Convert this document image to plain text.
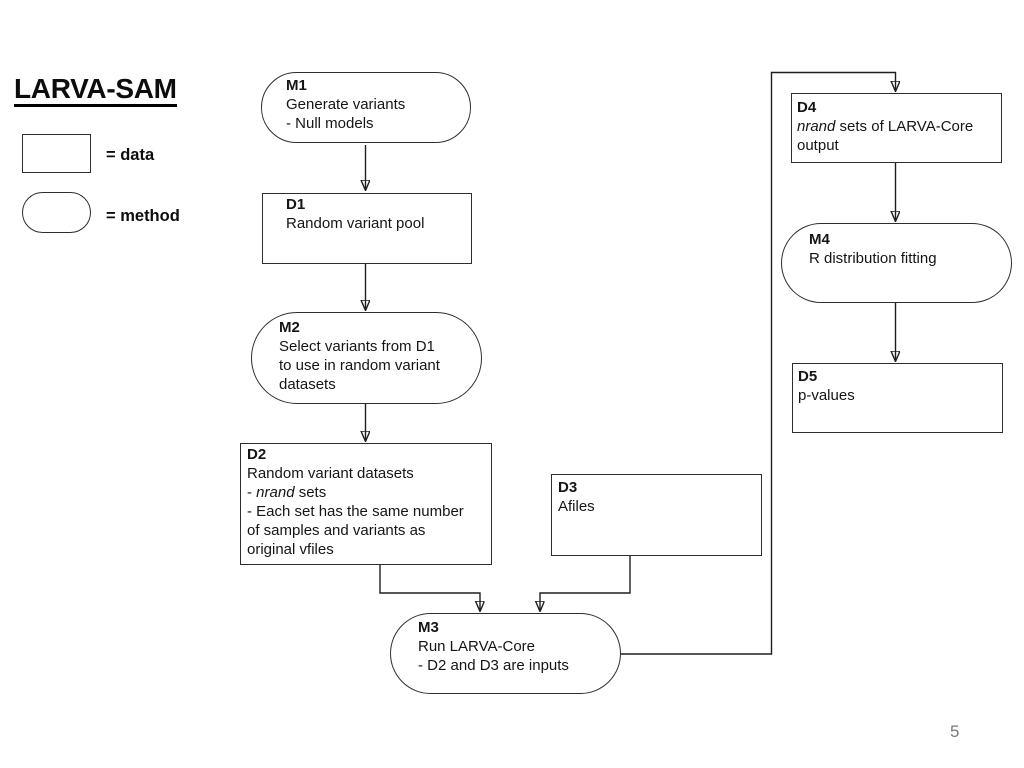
LARVA-SAM
= data
= method
M1
Generate variants
- Null models
D1
Random variant pool
M2
Select variants from D1
to use in random variant
datasets
D2
Random variant datasets
- nrand sets
- Each set has the same number
of samples and variants as
original vfiles
D3
Afiles
M3
Run LARVA-Core
- D2 and D3 are inputs
D4
nrand sets of LARVA-Core
output
M4
R distribution fitting
D5
p-values
5
